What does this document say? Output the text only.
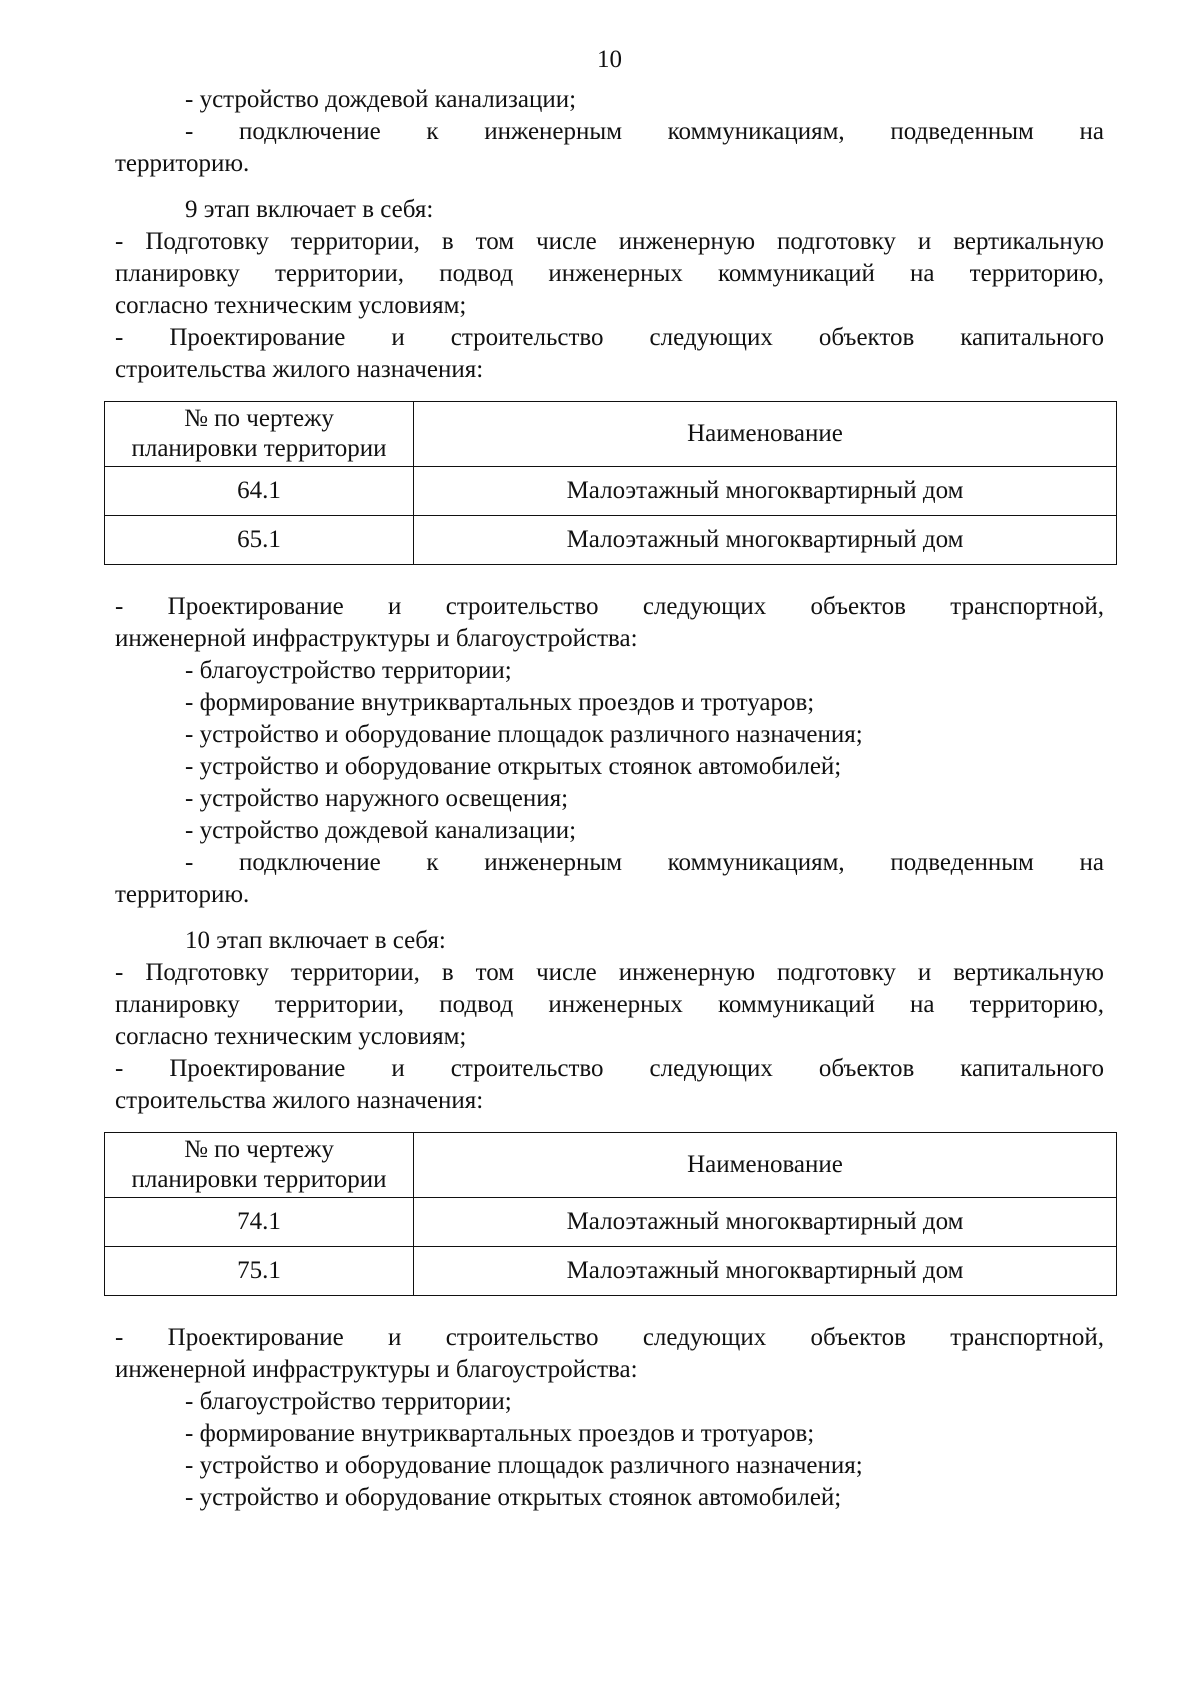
10

- устройство дождевой канализации;

- подключение к инженерным коммуникациям, подведенным на

территорию.

9 этап включает в себя:

- Подготовку территории, в том числе инженерную подготовку и вертикальную

планировку территории, подвод инженерных коммуникаций на территорию,

согласно техническим условиям;

- Проектирование и строительство следующих объектов капитального

строительства жилого назначения:

№ по чертежу
планировки территории	Наименование
64.1	Малоэтажный многоквартирный дом
65.1	Малоэтажный многоквартирный дом

- Проектирование и строительство следующих объектов транспортной,

инженерной инфраструктуры и благоустройства:

- благоустройство территории;

- формирование внутриквартальных проездов и тротуаров;

- устройство и оборудование площадок различного назначения;

- устройство и оборудование открытых стоянок автомобилей;

- устройство наружного освещения;

- устройство дождевой канализации;

- подключение к инженерным коммуникациям, подведенным на

территорию.

10 этап включает в себя:

- Подготовку территории, в том числе инженерную подготовку и вертикальную

планировку территории, подвод инженерных коммуникаций на территорию,

согласно техническим условиям;

- Проектирование и строительство следующих объектов капитального

строительства жилого назначения:

№ по чертежу
планировки территории	Наименование
74.1	Малоэтажный многоквартирный дом
75.1	Малоэтажный многоквартирный дом

- Проектирование и строительство следующих объектов транспортной,

инженерной инфраструктуры и благоустройства:

- благоустройство территории;

- формирование внутриквартальных проездов и тротуаров;

- устройство и оборудование площадок различного назначения;

- устройство и оборудование открытых стоянок автомобилей;
